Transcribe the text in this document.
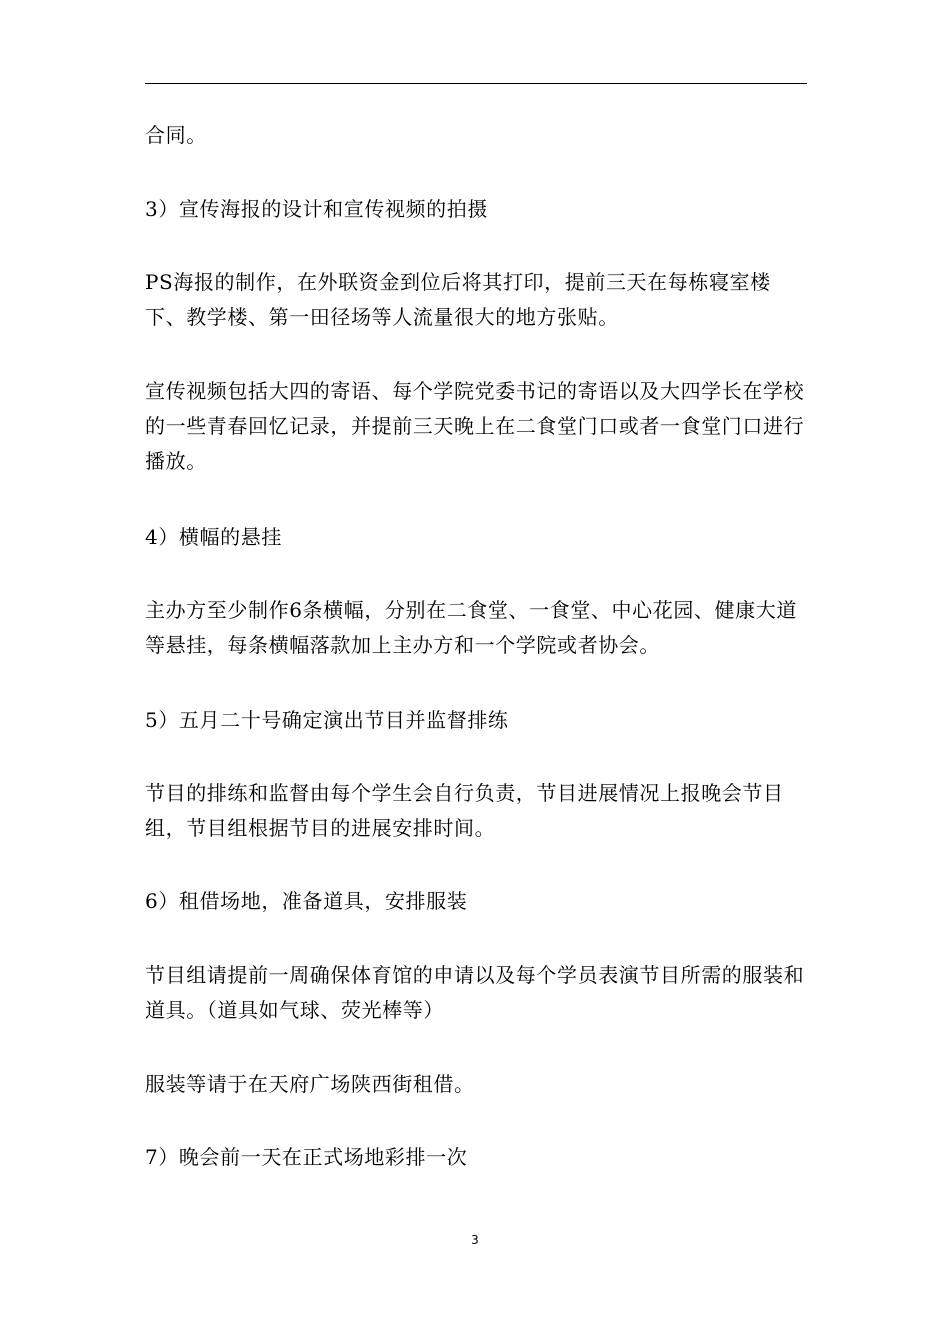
合同。

3）宣传海报的设计和宣传视频的拍摄

PS海报的制作，在外联资金到位后将其打印，提前三天在每栋寝室楼下、教学楼、第一田径场等人流量很大的地方张贴。

宣传视频包括大四的寄语、每个学院党委书记的寄语以及大四学长在学校的一些青春回忆记录，并提前三天晚上在二食堂门口或者一食堂门口进行播放。

4）横幅的悬挂

主办方至少制作6条横幅，分别在二食堂、一食堂、中心花园、健康大道等悬挂，每条横幅落款加上主办方和一个学院或者协会。

5）五月二十号确定演出节目并监督排练

节目的排练和监督由每个学生会自行负责，节目进展情况上报晚会节目组，节目组根据节目的进展安排时间。

6）租借场地，准备道具，安排服装

节目组请提前一周确保体育馆的申请以及每个学员表演节目所需的服装和道具。（道具如气球、荧光棒等）

服装等请于在天府广场陕西街租借。

7）晚会前一天在正式场地彩排一次

3
